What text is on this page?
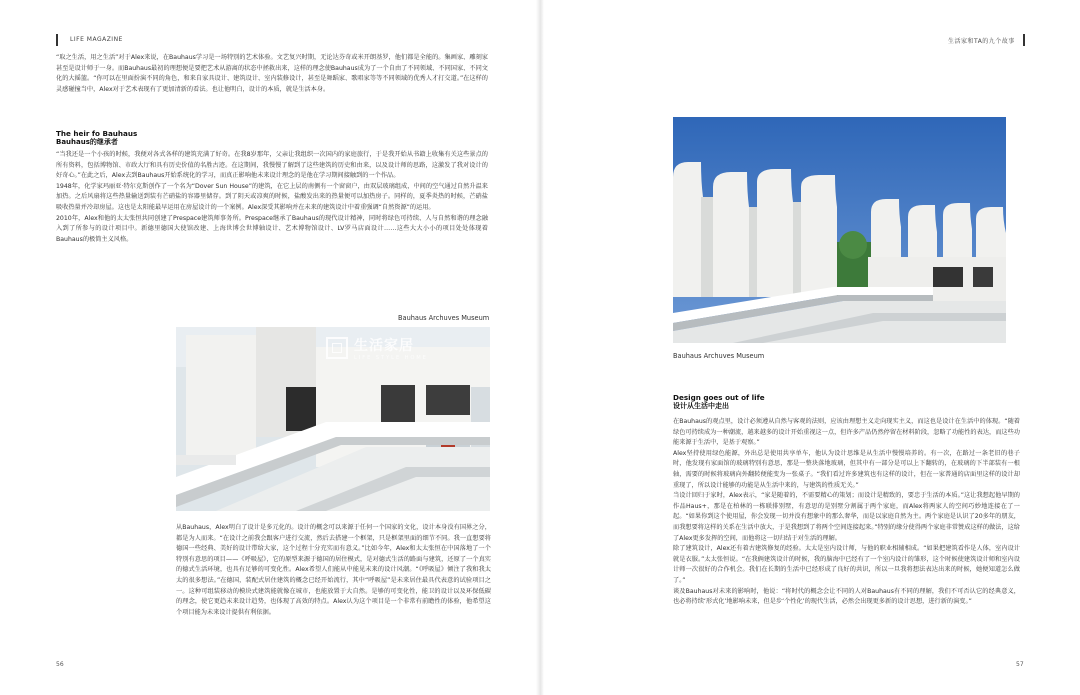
LIFE MAGAZINE
“取之生活，用之生活”对于Alex来说，在Bauhaus学习是一场特别的艺术体验。文艺复兴时期，无论达芬奇或米开朗基罗，他们都是全能的。集画家、雕刻家甚至是设计师于一身。而Bauhaus最初的理想便是要把艺术从游离的状态中拯救出来，这样的理念使Bauhaus成为了一个自由了不同领域、不同国家、不同文化的大摇篮。“你可以在里面扮演不同的角色，和来自家具设计、建筑设计、室内装修设计，甚至是舞蹈家、歌唱家等等不同领域的优秀人才打交道。”在这样的灵感碰撞当中，Alex对于艺术表现有了更加清新的看法。也让他明白，设计的本质，就是生活本身。

The heir fo Bauhaus

Bauhaus的继承者

“当我还是一个小孩的时候，我便对各式各样的建筑充满了好奇。在我8岁那年，父亲让我组织一次国内的家庭旅行，于是我开始从书籍上收集有关这些景点的所有资料，包括博物馆、市政大厅和具有历史价值的名胜古迹。在这期间，我慢慢了解到了这些建筑的历史和由来，以及设计师的思路，这激发了我对设计的好奇心。”在此之后，Alex去到Bauhaus开始系统化的学习，而真正影响他未来设计理念的是他在学习期间接触到的一个作品。

1948年，化学家玛丽亚·特尔克斯创作了一个名为“Dover Sun House”的建筑，在它上层的南侧有一个窗窗户，由双层玻璃组成，中间的空气通过自然升温来加热。之后风扇将这些热量输送到装有芒硝盐的容器里储存。到了阴天或凉爽的时候，盐酸发出来的热量便可以加热房子。同样的，夏季炎热的时候，芒硝盐吸收热量并冷却房屋。这也是太阳能最早运用在房屋设计的一个案例。Alex深受其影响并在未来的建筑设计中着重强调“自然资源”的运用。

2010年，Alex和他的太太张恒共同创建了Prespace建筑师事务所。Prespace继承了Bauhaus的现代设计精神，同时将绿色可持续、人与自然和谐的理念融入到了所参与的设计项目中。新德里德国大使馆改建、上海世博会世博轴设计、艺术博物馆设计、LV罗马店面设计……这些大大小小的项目处处体现着Bauhaus的极简主义风格。

Bauhaus Archuves Museum
生活家居
LIFE STYLE HOME

从Bauhaus，Alex明白了设计是多元化的。设计的概念可以来源于任何一个国家的文化，设计本身没有国界之分，都是为人而来。“在设计之前我会跟客户进行交流，然后去搭建一个框架，只是框架里面的细节不同。我一直想要将德国一些经典、美好的设计带给大家，这个过程十分充实而有意义。”比如今年，Alex和太太张恒在中国落地了一个特别有意思的项目——《呼吸屋》，它的原型来源于德国的居住模式，是对德式生活的路面与建筑，还原了一个真实的德式生活环境，也具有足够的可变化性。Alex希望人们能从中能见未来的设计风潮。“《呼吸屋》倾注了我和我太太的很多想法。”在德国，装配式居住建筑的概念已经开始流行，其中“呼吸屋”是未来居住最具代表意的试验项目之一。这种可组装移动的模块式建筑能就像在城市，也能放置于大自然。是够的可变化性，能卫的设计以及环保低碳的理念，使它更趋未来设计趋势，也体现了高效的特点。Alex认为这个项目是一个非常有前瞻性的体验，他希望这个项目能为未来设计提供有利依据。

56
生活家和TA的九个故事
Bauhaus Archuves Museum

Design goes out of life

设计从生活中走出

在Bauhaus的观点里，设计必须遵从自然与客观的法则，应该由理想主义走向现实主义，而这也是设计在生活中的体现。“随着绿色可持续成为一种潮流，越来越多的设计开始重视这一点，但许多产品仍然停留在材料阶段，忽略了功能性的表达，而这些功能来源于生活中，是基于观察。”

Alex坚持使用绿色能源，外出总是使用共享单车，他认为设计思维是从生活中慢慢培养的。有一次，在路过一条老旧的巷子时，他发现有家面馆的玻璃特别有意思，那是一整块落地玻璃，但其中有一部分是可以上下翻转的，在玻璃的下半部装有一根轴，需要的时候将玻璃向外翻转便能变为一张桌子。“我们看过许多建筑也有这样的设计，但在一家普通的店面里这样的设计却重现了，所以设计能够的功能是从生活中来的，与建筑的性质无关。”

当设计回归于家时，Alex表示，“家是随着的，不需要精心的策划；而设计是精致的，要忠于生活的本质。”这让我想起他早期的作品Haus+，那是在柏林的一栋联排别墅，有意思的是别墅分割属于两个家庭，而Alex将两家人的空间巧妙地连接在了一起。“如果你到这个使用屋，你会发现一切并没有想象中的那么奢华，而是以家庭自然为主。两个家庭是认识了20多年的朋友，而我想要将这样的关系在生活中放大，于是我想到了将两个空间连接起来。”特别的缘分使得两个家庭非常赞成这样的做法，这给了Alex更多发挥的空间，而他将这一切归结于对生活的理解。

除了建筑设计，Alex还有着古建筑修复的经验。太太是室内设计师，与他的职业相辅相成。“如果把建筑看作是人体，室内设计就是衣服。”太太张恒说。“在我俩建筑设计的时候，我的脑海中已经有了一个室内设计的雏形，这个时候使建筑设计师和室内设计师一次很好的合作机会。我们在长期的生活中已经形成了良好的共识，所以一旦我将想法表达出来的时候，她便知道怎么做了。”

谈及Bauhaus对未来的影响时，他说：“将时代的概念会让不同的人对Bauhaus有不同的理解，我们不可否认它的经典意义，也必将持续‘形式化’地影响未来，但是步‘个性化’的现代生活，必然会出现更多新的设计思想，进行新的演变。”

57
